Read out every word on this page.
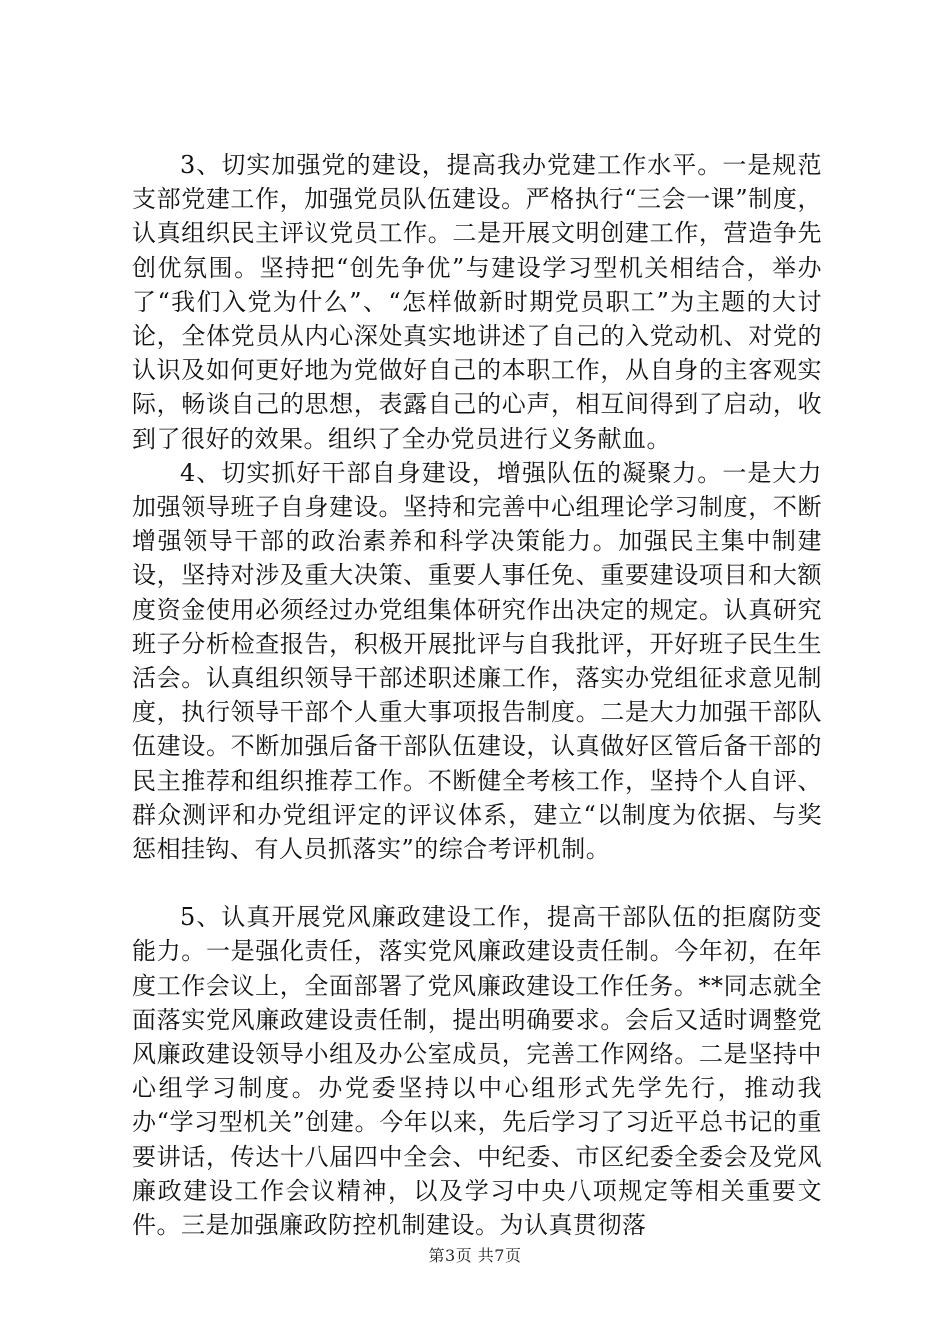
3、切实加强党的建设，提高我办党建工作水平。一是规范支部党建工作，加强党员队伍建设。严格执行“三会一课”制度，认真组织民主评议党员工作。二是开展文明创建工作，营造争先创优氛围。坚持把“创先争优”与建设学习型机关相结合，举办了“我们入党为什么”、“怎样做新时期党员职工”为主题的大讨论，全体党员从内心深处真实地讲述了自己的入党动机、对党的认识及如何更好地为党做好自己的本职工作，从自身的主客观实际，畅谈自己的思想，表露自己的心声，相互间得到了启动，收到了很好的效果。组织了全办党员进行义务献血。

4、切实抓好干部自身建设，增强队伍的凝聚力。一是大力加强领导班子自身建设。坚持和完善中心组理论学习制度，不断增强领导干部的政治素养和科学决策能力。加强民主集中制建设，坚持对涉及重大决策、重要人事任免、重要建设项目和大额度资金使用必须经过办党组集体研究作出决定的规定。认真研究班子分析检查报告，积极开展批评与自我批评，开好班子民生生活会。认真组织领导干部述职述廉工作，落实办党组征求意见制度，执行领导干部个人重大事项报告制度。二是大力加强干部队伍建设。不断加强后备干部队伍建设，认真做好区管后备干部的民主推荐和组织推荐工作。不断健全考核工作，坚持个人自评、群众测评和办党组评定的评议体系，建立“以制度为依据、与奖惩相挂钩、有人员抓落实”的综合考评机制。

5、认真开展党风廉政建设工作，提高干部队伍的拒腐防变能力。一是强化责任，落实党风廉政建设责任制。今年初，在年度工作会议上，全面部署了党风廉政建设工作任务。**同志就全面落实党风廉政建设责任制，提出明确要求。会后又适时调整党风廉政建设领导小组及办公室成员，完善工作网络。二是坚持中心组学习制度。办党委坚持以中心组形式先学先行，推动我办“学习型机关”创建。今年以来，先后学习了习近平总书记的重要讲话，传达十八届四中全会、中纪委、市区纪委全委会及党风廉政建设工作会议精神，以及学习中央八项规定等相关重要文件。三是加强廉政防控机制建设。为认真贯彻落

第3页 共7页
